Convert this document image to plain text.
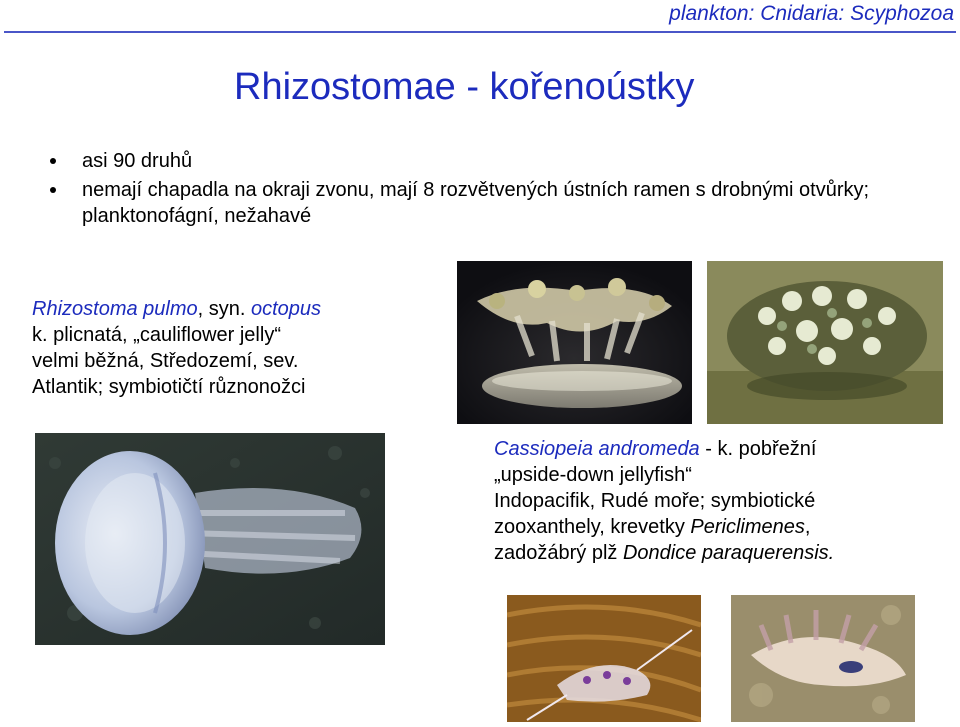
plankton: Cnidaria: Scyphozoa
Rhizostomae - kořenoústky
asi 90 druhů
nemají chapadla na okraji zvonu, mají 8 rozvětvených ústních ramen s drobnými otvůrky; planktonofágní, nežahavé
Rhizostoma pulmo, syn. octopus
k. plicnatá, „cauliflower jelly“
velmi běžná, Středozemí, sev.
Atlantik; symbiotičtí různonožci
Cassiopeia andromeda - k. pobřežní
„upside-down jellyfish“
Indopacifik, Rudé moře; symbiotické
zooxanthely, krevetky Periclimenes,
zadožábrý plž Dondice paraquerensis.
